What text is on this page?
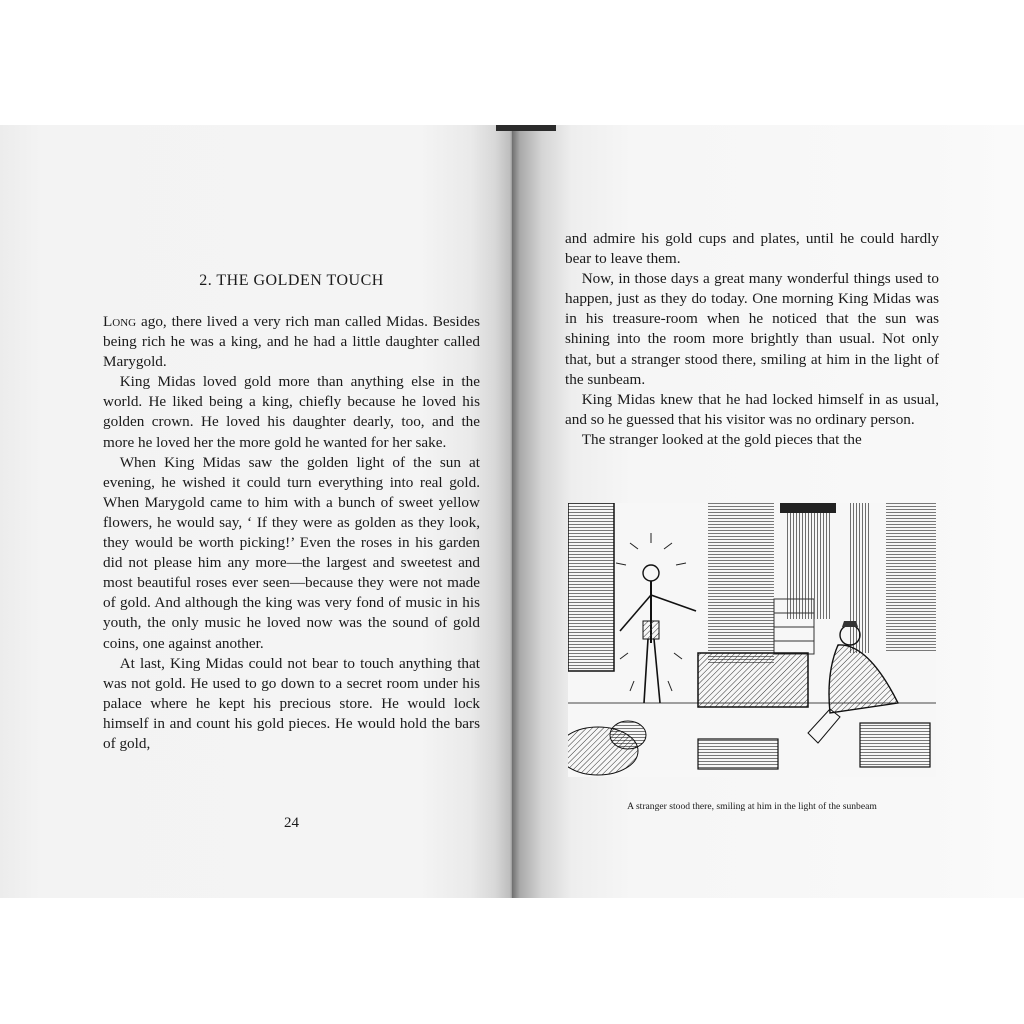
2. THE GOLDEN TOUCH

Long ago, there lived a very rich man called Midas. Besides being rich he was a king, and he had a little daughter called Marygold.

King Midas loved gold more than anything else in the world. He liked being a king, chiefly because he loved his golden crown. He loved his daughter dearly, too, and the more he loved her the more gold he wanted for her sake.

When King Midas saw the golden light of the sun at evening, he wished it could turn everything into real gold. When Marygold came to him with a bunch of sweet yellow flowers, he would say, ‘ If they were as golden as they look, they would be worth picking!’ Even the roses in his garden did not please him any more—the largest and sweetest and most beautiful roses ever seen—because they were not made of gold. And although the king was very fond of music in his youth, the only music he loved now was the sound of gold coins, one against another.

At last, King Midas could not bear to touch anything that was not gold. He used to go down to a secret room under his palace where he kept his precious store. He would lock himself in and count his gold pieces. He would hold the bars of gold,

24

and admire his gold cups and plates, until he could hardly bear to leave them.

Now, in those days a great many wonderful things used to happen, just as they do today. One morning King Midas was in his treasure-room when he noticed that the sun was shining into the room more brightly than usual. Not only that, but a stranger stood there, smiling at him in the light of the sunbeam.

King Midas knew that he had locked himself in as usual, and so he guessed that his visitor was no ordinary person.

The stranger looked at the gold pieces that the

A stranger stood there, smiling at him in the light of the sunbeam
